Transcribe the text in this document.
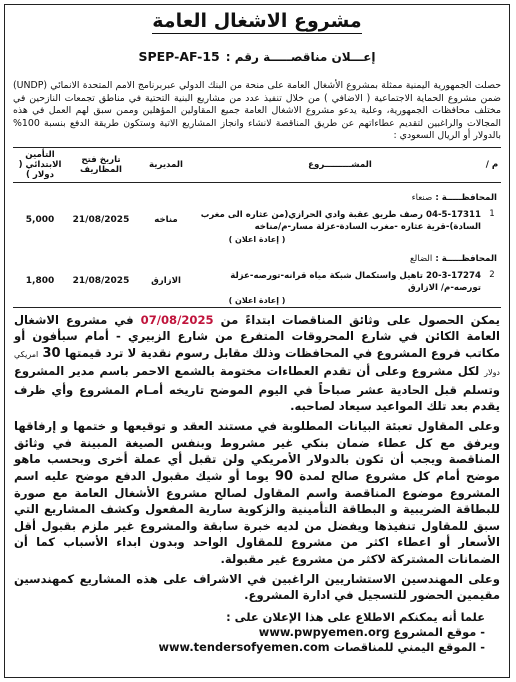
مشروع الاشغال العامة
إعـــلان مناقصـــــة رقم :
SPEP-AF-15
حصلت الجمهورية اليمنية ممثلة بمشروع الأشغال العامة على منحة من البنك الدولي عبربرنامج الامم المتحدة الانمائي (UNDP) ضمن مشروع الحماية الاجتماعية ( الاضافي ) من خلال تنفيذ عدد من مشاريع البنية التحتية في مناطق تجمعات النازحين في مختلف محافظات الجمهورية، وعلية يدعو مشروع الاشغال العامة جميع المقاولين المؤهلين وممن سبق لهم العمل في هذه المجالات والراغبين لتقديم عطاءاتهم عن طريق المناقصة لانشاء وانجاز المشاريع الاتية وستكون طريقة الدفع بنسبة 100% بالدولار أو الريال السعودي :
م /
المشـــــــــروع
المديرية
تاريخ فتح المظاريف
التأمين الابتدائي ( دولار )
المحافظـــــة : صنعاء
1
04-5-17311 رصف طريق عقبة وادي الحرازي(من عثاره الى مغرب السادة)-قرية عثاره -مغرب السادة-عزلة مسار-م/مناخه
مناخه
21/08/2025
5,000
( إعادة اعلان )
المحافظـــــة : الضالع
2
20-3-17274 تاهيل واستكمال شبكة مياه قرانه-تورصه-عزلة تورصه-م/ الازارق
الازارق
21/08/2025
1,800
( إعادة اعلان )
يمكن الحصول على وثائق المناقصات ابتداءً من 07/08/2025 في مشروع الاشغال العامة الكائن في شارع المحروقات المتفرع من شارع الزبيري - أمام سبأفون أو مكاتب فروع المشروع في المحافظات وذلك مقابل رسوم نقدية لا ترد قيمتها 30 امريكي دولار لكل مشروع وعلى أن تقدم العطاءات مختومة بالشمع الاحمر باسم مدير المشروع وتسلم قبل الحادية عشر صباحاً في اليوم الموضح تاريخه أمـام المشروع وأي ظرف يقدم بعد تلك المواعيد سيعاد لصاحبه.
وعلى المقاول تعبئة البيانات المطلوبة في مستند العقد و توقيعها و ختمها و إرفاقها ويرفق مع كل عطاء ضمان بنكي غير مشروط وبنفس الصيغة المبينة في وثائق المناقصة ويجب أن تكون بالدولار الأمريكي ولن تقبل أي عملة أخرى وبحسب ماهو موضح أمام كل مشروع صالح لمدة 90 يوما أو شيك مقبول الدفع موضح عليه اسم المشروع موضوع المناقصة واسم المقاول لصالح مشروع الأشغال العامة مع صورة للبطاقة الضريبية و البطاقة التأمينية والزكوية سارية المفعول وكشف المشاريع التي سبق للمقاول تنفيذها ويفضل من لديه خبرة سابقة والمشروع غير ملزم بقبول أقل الأسعار أو اعطاء اكثر من مشروع للمقاول الواحد وبدون ابداء الأسباب كما أن الضمانات المشتركة لاكثر من مشروع غير مقبولة.
وعلى المهندسين الاستشاريين الراغبين في الاشراف على هذه المشاريع كمهندسين مقيمين الحضور للتسجيل في ادارة المشروع.
علما أنه يمكنكم الاطلاع على هذا الإعلان على :
- موقع المشروع www.pwpyemen.org
- الموقع اليمني للمناقصات www.tendersofyemen.com
